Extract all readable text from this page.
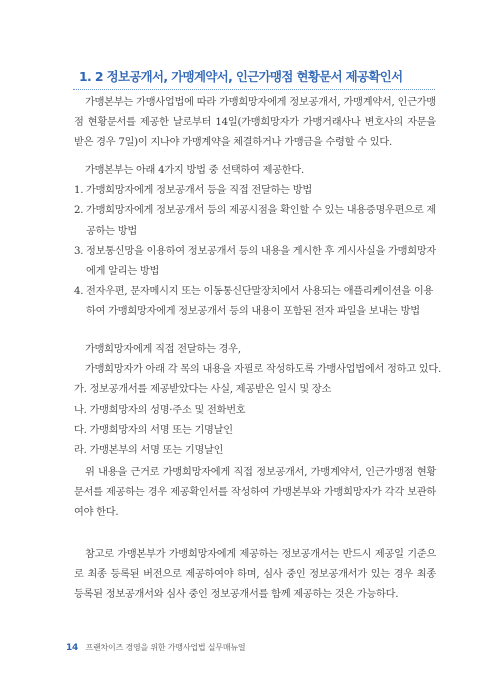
1. 2 정보공개서, 가맹계약서, 인근가맹점 현황문서 제공확인서

가맹본부는 가맹사업법에 따라 가맹희망자에게 정보공개서, 가맹계약서, 인근가맹점 현황문서를 제공한 날로부터 14일(가맹희망자가 가맹거래사나 변호사의 자문을 받은 경우 7일)이 지나야 가맹계약을 체결하거나 가맹금을 수령할 수 있다.

가맹본부는 아래 4가지 방법 중 선택하여 제공한다.

1. 가맹희망자에게 정보공개서 등을 직접 전달하는 방법
2. 가맹희망자에게 정보공개서 등의 제공시점을 확인할 수 있는 내용증명우편으로 제공하는 방법
3. 정보통신망을 이용하여 정보공개서 등의 내용을 게시한 후 게시사실을 가맹희망자에게 알리는 방법
4. 전자우편, 문자메시지 또는 이동통신단말장치에서 사용되는 애플리케이션을 이용하여 가맹희망자에게 정보공개서 등의 내용이 포함된 전자 파일을 보내는 방법

가맹희망자에게 직접 전달하는 경우,

가맹희망자가 아래 각 목의 내용을 자필로 작성하도록 가맹사업법에서 정하고 있다.

가. 정보공개서를 제공받았다는 사실, 제공받은 일시 및 장소
나. 가맹희망자의 성명·주소 및 전화번호
다. 가맹희망자의 서명 또는 기명날인
라. 가맹본부의 서명 또는 기명날인

위 내용을 근거로 가맹희망자에게 직접 정보공개서, 가맹계약서, 인근가맹점 현황문서를 제공하는 경우 제공확인서를 작성하여 가맹본부와 가맹희망자가 각각 보관하여야 한다.

참고로 가맹본부가 가맹희망자에게 제공하는 정보공개서는 반드시 제공일 기준으로 최종 등록된 버전으로 제공하여야 하며, 심사 중인 정보공개서가 있는 경우 최종 등록된 정보공개서와 심사 중인 정보공개서를 함께 제공하는 것은 가능하다.

14 프랜차이즈 경영을 위한 가맹사업법 실무매뉴얼
